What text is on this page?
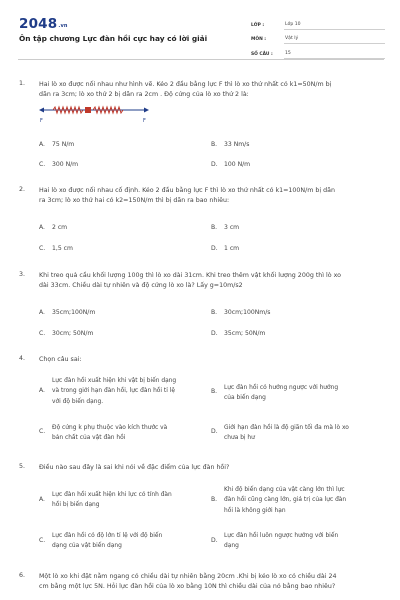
2048.vn
Ôn tập chương Lực đàn hồi cực hay có lời giải
LỚP :	Lớp 10
MÔN :	Vật lý
SỐ CÂU :	15
1. Hai lò xo được nối nhau như hình vẽ. Kéo 2 đầu bằng lực F thì lò xo thứ nhất có k1=50N/m bị
dãn ra 3cm; lò xo thứ 2 bị dãn ra 2cm . Độ cứng của lò xo thứ 2 là:
F	F
A. 75 N/m	B. 33 Nm/s
C. 300 N/m	D. 100 N/m
2. Hai lò xo được nối nhau cố định. Kéo 2 đầu bằng lực F thì lò xo thứ nhất có k1=100N/m bị dãn
ra 3cm; lò xo thứ hai có k2=150N/m thì bị dãn ra bao nhiêu:
A. 2 cm	B. 3 cm
C. 1,5 cm	D. 1 cm
3. Khi treo quả cầu khối lượng 100g thì lò xo dài 31cm. Khi treo thêm vật khối lượng 200g thì lò xo
dài 33cm. Chiều dài tự nhiên và độ cứng lò xo là? Lấy g=10m/s2
A. 35cm;100N/m	B. 30cm;100Nm/s
C. 30cm; 50N/m	D. 35cm; 50N/m
4. Chọn câu sai:
A.
Lực đàn hồi xuất hiện khi vật bị biến dạng
và trong giới hạn đàn hồi, lực đàn hồi tỉ lệ
với độ biến dạng.
B. Lực đàn hồi có hướng ngược với hướng
của biến dạng
C. Độ cứng k phụ thuộc vào kích thước và
bản chất của vật đàn hồi
D. Giới hạn đàn hồi là độ giãn tối đa mà lò xo
chưa bị hư
5. Điều nào sau đây là sai khi nói về đặc điểm của lực đàn hồi?
A.
Lực đàn hồi xuất hiện khi lực có tính đàn
hồi bị biến dạng
B.
Khi độ biến dạng của vật càng lớn thì lực
đàn hồi cũng càng lớn, giá trị của lực đàn
hồi là không giới hạn
C.
Lực đàn hồi có độ lớn tỉ lệ với độ biến
dạng của vật biến dạng
D.
Lực đàn hồi luôn ngược hướng với biến
dạng
6. Một lò xo khi đặt nằm ngang có chiều dài tự nhiên bằng 20cm .Khi bị kéo lò xo có chiều dài 24
cm bằng một lực 5N. Hỏi lực đàn hồi của lò xo bằng 10N thì chiều dài của nó bằng bao nhiêu?
